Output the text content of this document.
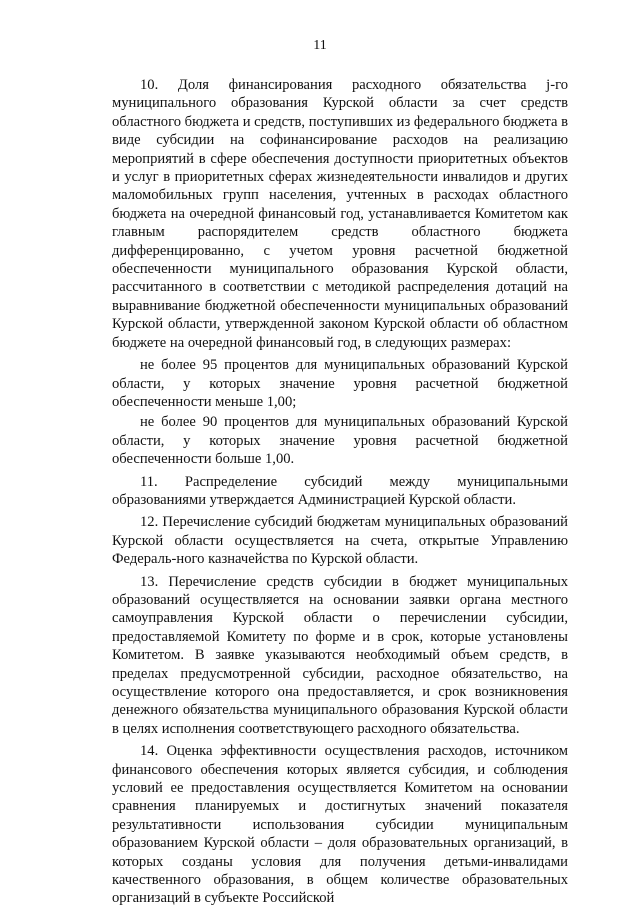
11

10. Доля финансирования расходного обязательства j-го муниципального образования Курской области за счет средств областного бюджета и средств, поступивших из федерального бюджета в виде субсидии на софинансирование расходов на реализацию мероприятий в сфере обеспечения доступности приоритетных объектов и услуг в приоритетных сферах жизнедеятельности инвалидов и других маломобильных групп населения, учтенных в расходах областного бюджета на очередной финансовый год, устанавливается Комитетом как главным распорядителем средств областного бюджета дифференцированно, с учетом уровня расчетной бюджетной обеспеченности муниципального образования Курской области, рассчитанного в соответствии с методикой распределения дотаций на выравнивание бюджетной обеспеченности муниципальных образований Курской области, утвержденной законом Курской области об областном бюджете на очередной финансовый год, в следующих размерах:

не более 95 процентов для муниципальных образований Курской области, у которых значение уровня расчетной бюджетной обеспеченности меньше 1,00;

не более 90 процентов для муниципальных образований Курской области, у которых значение уровня расчетной бюджетной обеспеченности больше 1,00.

11. Распределение субсидий между муниципальными образованиями утверждается Администрацией Курской области.

12. Перечисление субсидий бюджетам муниципальных образований Курской области осуществляется на счета, открытые Управлению Федераль-ного казначейства по Курской области.

13. Перечисление средств субсидии в бюджет муниципальных образований осуществляется на основании заявки органа местного самоуправления Курской области о перечислении субсидии, предоставляемой Комитету по форме и в срок, которые установлены Комитетом. В заявке указываются необходимый объем средств, в пределах предусмотренной субсидии, расходное обязательство, на осуществление которого она предоставляется, и срок возникновения денежного обязательства муниципального образования Курской области в целях исполнения соответствующего расходного обязательства.

14. Оценка эффективности осуществления расходов, источником финансового обеспечения которых является субсидия, и соблюдения условий ее предоставления осуществляется Комитетом на основании сравнения планируемых и достигнутых значений показателя результативности использования субсидии муниципальным образованием Курской области – доля образовательных организаций, в которых созданы условия для получения детьми-инвалидами качественного образования, в общем количестве образовательных организаций в субъекте Российской
